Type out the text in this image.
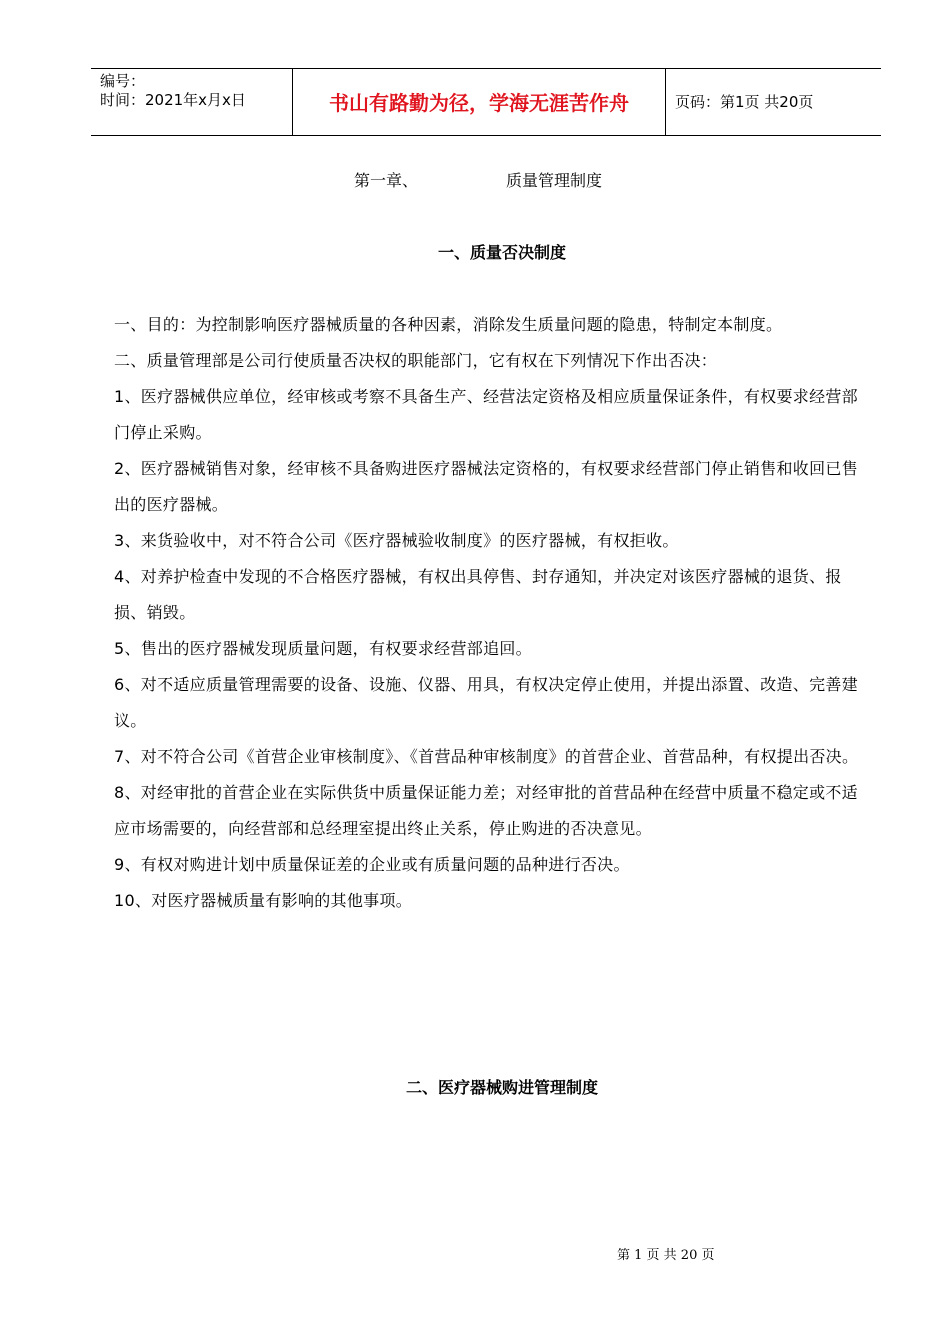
编号：
时间：2021年x月x日	书山有路勤为径，学海无涯苦作舟	页码：第1页 共20页
第一章、	质量管理制度
一、质量否决制度

一、目的：为控制影响医疗器械质量的各种因素，消除发生质量问题的隐患，特制定本制度。

二、质量管理部是公司行使质量否决权的职能部门，它有权在下列情况下作出否决：

1、医疗器械供应单位，经审核或考察不具备生产、经营法定资格及相应质量保证条件，有权要求经营部门停止采购。

2、医疗器械销售对象，经审核不具备购进医疗器械法定资格的，有权要求经营部门停止销售和收回已售出的医疗器械。

3、来货验收中，对不符合公司《医疗器械验收制度》的医疗器械，有权拒收。

4、对养护检查中发现的不合格医疗器械，有权出具停售、封存通知，并决定对该医疗器械的退货、报损、销毁。

5、售出的医疗器械发现质量问题，有权要求经营部追回。

6、对不适应质量管理需要的设备、设施、仪器、用具，有权决定停止使用，并提出添置、改造、完善建议。

7、对不符合公司《首营企业审核制度》、《首营品种审核制度》的首营企业、首营品种，有权提出否决。

8、对经审批的首营企业在实际供货中质量保证能力差；对经审批的首营品种在经营中质量不稳定或不适应市场需要的，向经营部和总经理室提出终止关系，停止购进的否决意见。

9、有权对购进计划中质量保证差的企业或有质量问题的品种进行否决。

10、对医疗器械质量有影响的其他事项。

二、医疗器械购进管理制度
第 1 页 共 20 页
